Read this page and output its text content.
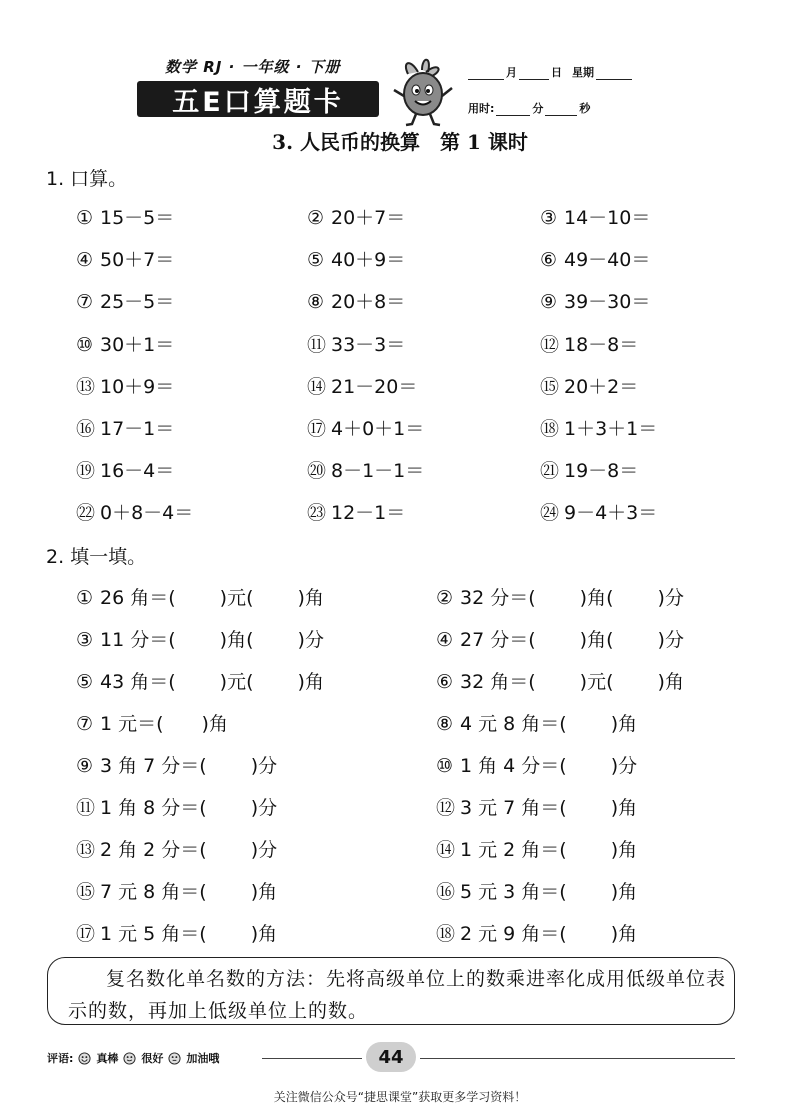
数学 RJ · 一年级 · 下册
五E口算题卡
月	日 星期
用时:	分	秒
3. 人民币的换算　第 1 课时
1. 口算。
① 15－5＝	② 20＋7＝	③ 14－10＝
④ 50＋7＝	⑤ 40＋9＝	⑥ 49－40＝
⑦ 25－5＝	⑧ 20＋8＝	⑨ 39－30＝
⑩ 30＋1＝	⑪ 33－3＝	⑫ 18－8＝
⑬ 10＋9＝	⑭ 21－20＝	⑮ 20＋2＝
⑯ 17－1＝	⑰ 4＋0＋1＝	⑱ 1＋3＋1＝
⑲ 16－4＝	⑳ 8－1－1＝	㉑ 19－8＝
㉒ 0＋8－4＝	㉓ 12－1＝	㉔ 9－4＋3＝
2. 填一填。
① 26 角＝(　　 )元(　　 )角	② 32 分＝(　　 )角(　　 )分
③ 11 分＝(　　 )角(　　 )分	④ 27 分＝(　　 )角(　　 )分
⑤ 43 角＝(　　 )元(　　 )角	⑥ 32 角＝(　　 )元(　　 )角
⑦ 1 元＝(　　)角	⑧ 4 元 8 角＝(　　 )角
⑨ 3 角 7 分＝(　　 )分	⑩ 1 角 4 分＝(　　 )分
⑪ 1 角 8 分＝(　　 )分	⑫ 3 元 7 角＝(　　 )角
⑬ 2 角 2 分＝(　　 )分	⑭ 1 元 2 角＝(　　 )角
⑮ 7 元 8 角＝(　　 )角	⑯ 5 元 3 角＝(　　 )角
⑰ 1 元 5 角＝(　　 )角	⑱ 2 元 9 角＝(　　 )角
复名数化单名数的方法：先将高级单位上的数乘进率化成用低级单位表示的数，再加上低级单位上的数。
评语: 真棒 很好 加油哦	44
关注微信公众号“捷思课堂”获取更多学习资料！
